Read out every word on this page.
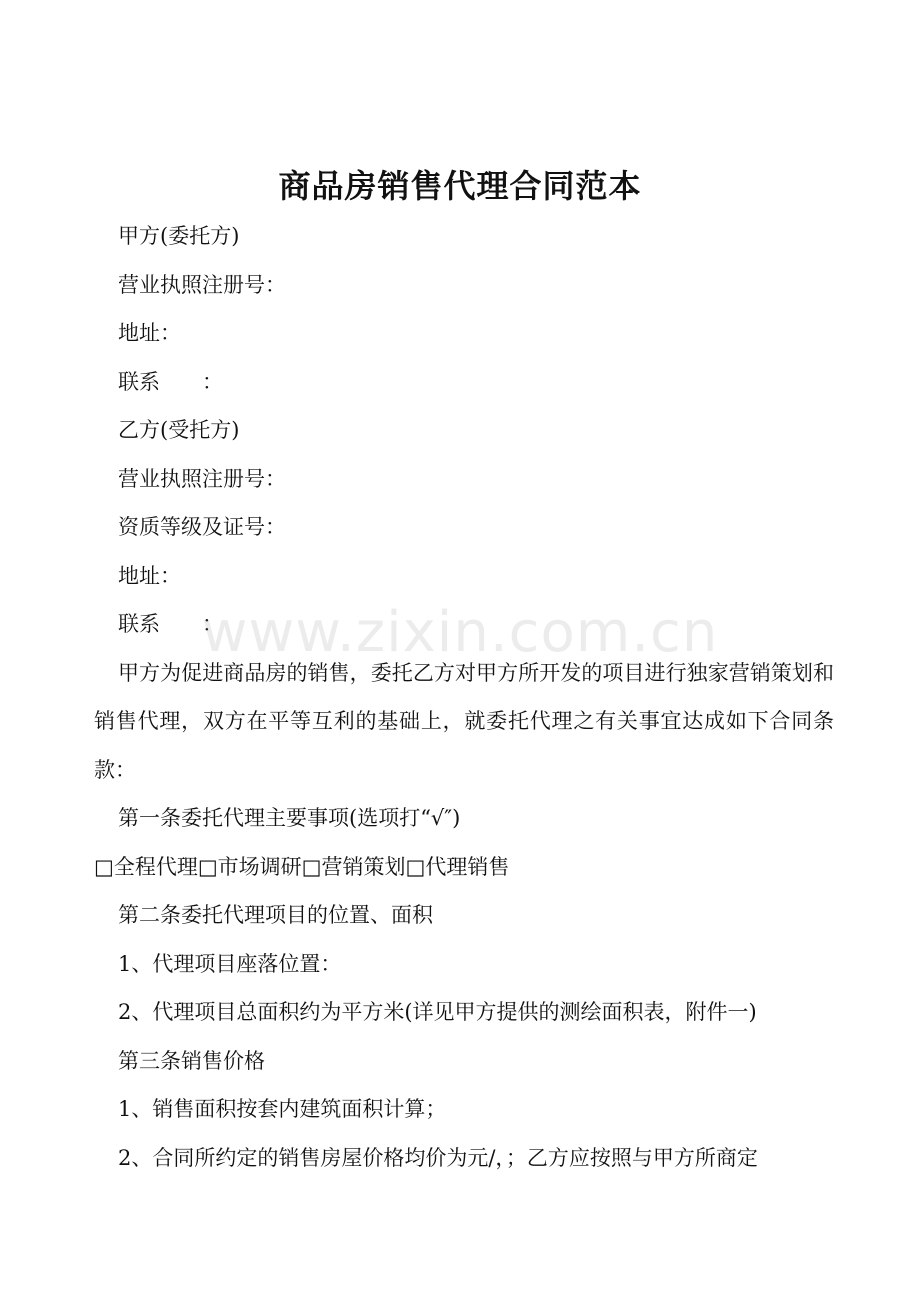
商品房销售代理合同范本

甲方(委托方)

营业执照注册号：

地址：

联系　　：

乙方(受托方)

营业执照注册号：

资质等级及证号：

地址：

联系　　：

甲方为促进商品房的销售，委托乙方对甲方所开发的项目进行独家营销策划和销售代理，双方在平等互利的基础上，就委托代理之有关事宜达成如下合同条款：

第一条委托代理主要事项(选项打“√″)

□全程代理□市场调研□营销策划□代理销售

第二条委托代理项目的位置、面积

1、代理项目座落位置：

2、代理项目总面积约为平方米(详见甲方提供的测绘面积表，附件一)

第三条销售价格

1、销售面积按套内建筑面积计算；

2、合同所约定的销售房屋价格均价为元/，；乙方应按照与甲方所商定

www.zixin.com.cn
